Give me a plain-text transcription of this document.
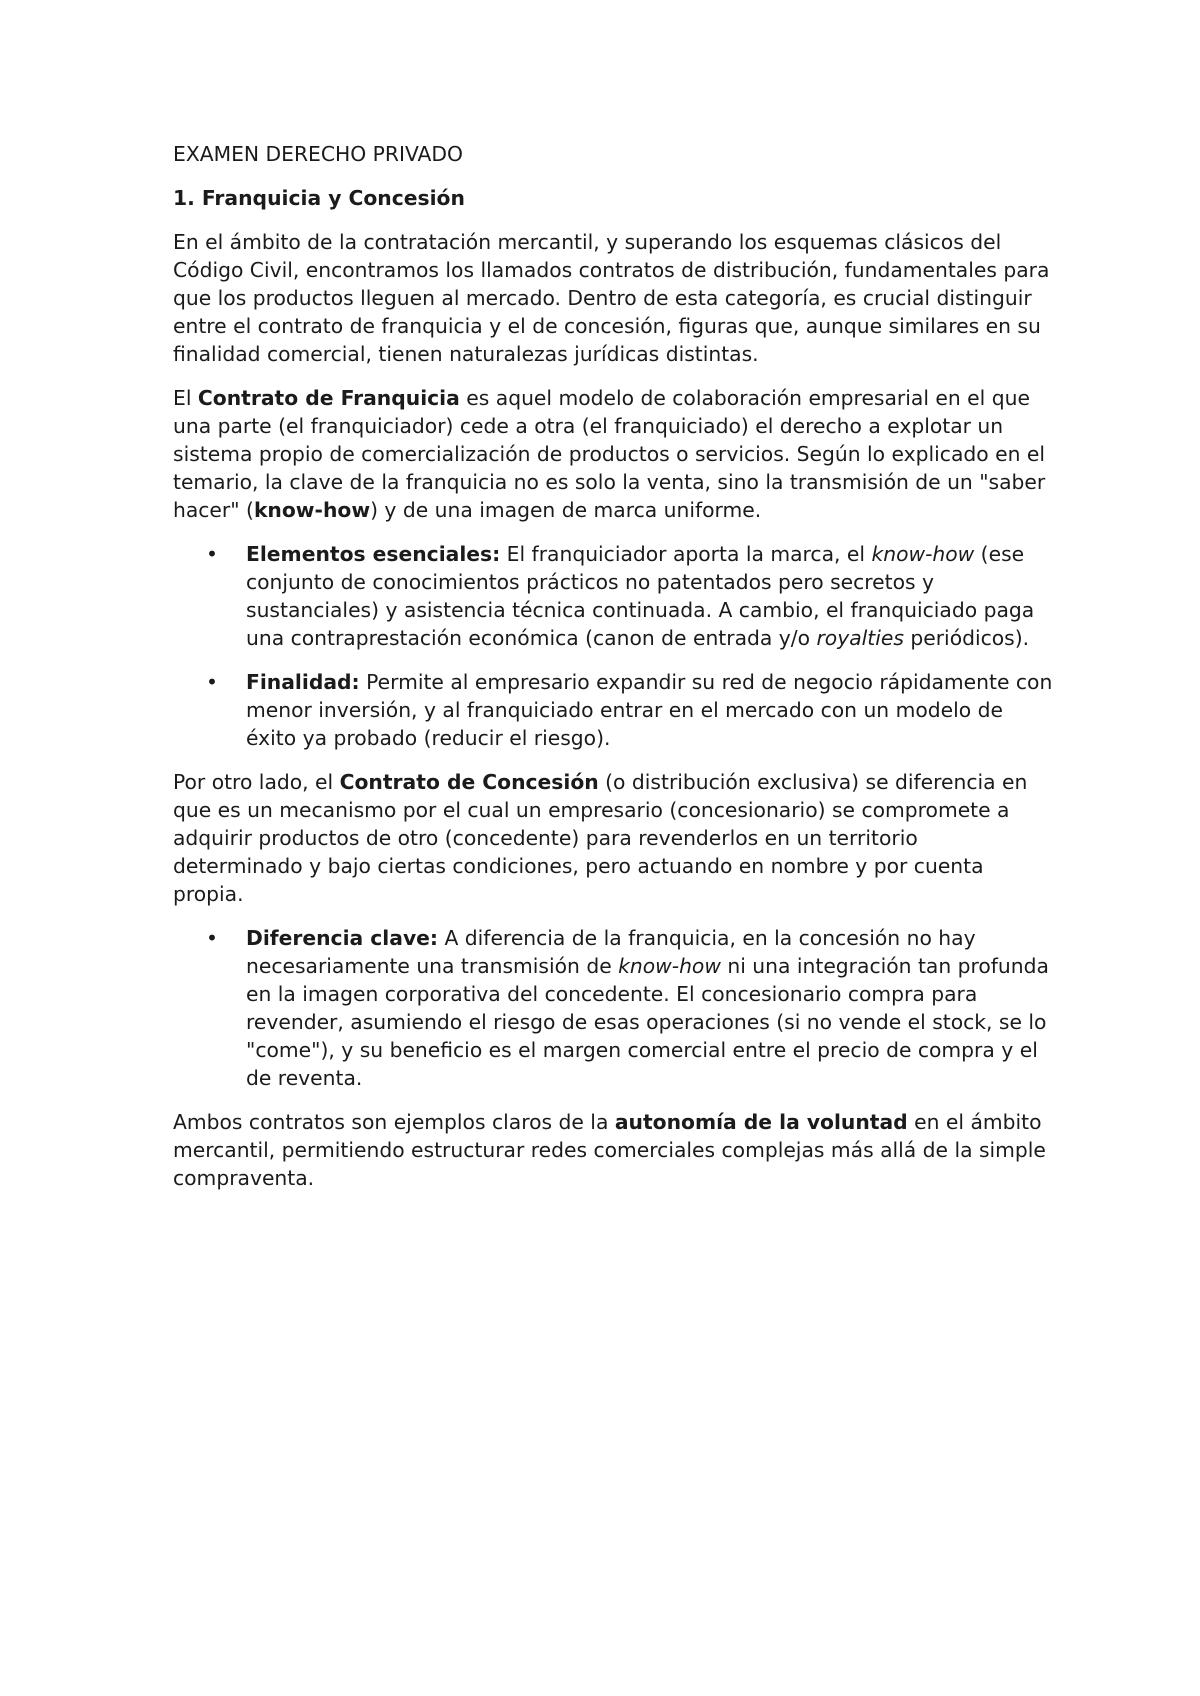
EXAMEN DERECHO PRIVADO
1. Franquicia y Concesión

En el ámbito de la contratación mercantil, y superando los esquemas clásicos del Código Civil, encontramos los llamados contratos de distribución, fundamentales para que los productos lleguen al mercado. Dentro de esta categoría, es crucial distinguir entre el contrato de franquicia y el de concesión, figuras que, aunque similares en su finalidad comercial, tienen naturalezas jurídicas distintas.

El Contrato de Franquicia es aquel modelo de colaboración empresarial en el que una parte (el franquiciador) cede a otra (el franquiciado) el derecho a explotar un sistema propio de comercialización de productos o servicios. Según lo explicado en el temario, la clave de la franquicia no es solo la venta, sino la transmisión de un "saber hacer" (know-how) y de una imagen de marca uniforme.

• Elementos esenciales: El franquiciador aporta la marca, el know-how (ese conjunto de conocimientos prácticos no patentados pero secretos y sustanciales) y asistencia técnica continuada. A cambio, el franquiciado paga una contraprestación económica (canon de entrada y/o royalties periódicos).
• Finalidad: Permite al empresario expandir su red de negocio rápidamente con menor inversión, y al franquiciado entrar en el mercado con un modelo de éxito ya probado (reducir el riesgo).

Por otro lado, el Contrato de Concesión (o distribución exclusiva) se diferencia en que es un mecanismo por el cual un empresario (concesionario) se compromete a adquirir productos de otro (concedente) para revenderlos en un territorio determinado y bajo ciertas condiciones, pero actuando en nombre y por cuenta propia.

• Diferencia clave: A diferencia de la franquicia, en la concesión no hay necesariamente una transmisión de know-how ni una integración tan profunda en la imagen corporativa del concedente. El concesionario compra para revender, asumiendo el riesgo de esas operaciones (si no vende el stock, se lo "come"), y su beneficio es el margen comercial entre el precio de compra y el de reventa.

Ambos contratos son ejemplos claros de la autonomía de la voluntad en el ámbito mercantil, permitiendo estructurar redes comerciales complejas más allá de la simple compraventa.
